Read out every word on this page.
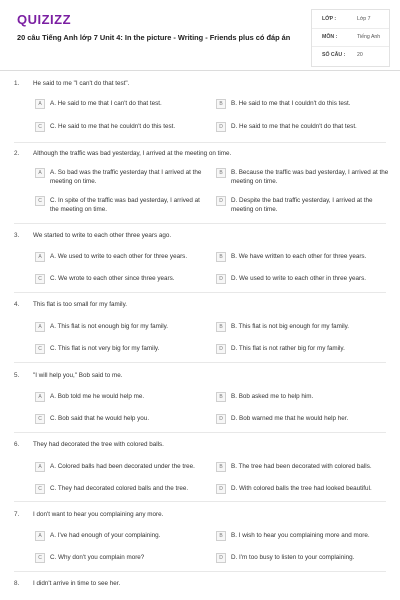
QUIZIZZ
20 câu Tiếng Anh lớp 7 Unit 4: In the picture - Writing - Friends plus có đáp án
LỚP :	Lớp 7
MÔN :	Tiếng Anh
SỐ CÂU : 20
1. He said to me "I can't do that test".
A	A. He said to me that I can't do that test.	B	B. He said to me that I couldn't do this test.
C	C. He said to me that he couldn't do this test.	D	D. He said to me that he couldn't do that test.
2. Although the traffic was bad yesterday, I arrived at the meeting on time.
A	A. So bad was the traffic yesterday that I arrived at the meeting on time.
B	B. Because the traffic was bad yesterday, I arrived at the meeting on time.
C	C. In spite of the traffic was bad yesterday, I arrived at the meeting on time.
D	D. Despite the bad traffic yesterday, I arrived at the meeting on time.
3. We started to write to each other three years ago.
A	A. We used to write to each other for three years.	B	B. We have written to each other for three years.
C	C. We wrote to each other since three years.	D	D. We used to write to each other in three years.
4. This flat is too small for my family.
A	A. This flat is not enough big for my family.	B	B. This flat is not big enough for my family.
C	C. This flat is not very big for my family.	D	D. This flat is not rather big for my family.
5. "I will help you," Bob said to me.
A	A. Bob told me he would help me.	B	B. Bob asked me to help him.
C	C. Bob said that he would help you.	D	D. Bob warned me that he would help her.
6. They had decorated the tree with colored balls.
A	A. Colored balls had been decorated under the tree.	B	B. The tree had been decorated with colored balls.
C	C. They had decorated colored balls and the tree.	D	D. With colored balls the tree had looked beautiful.
7. I don't want to hear you complaining any more.
A	A. I've had enough of your complaining.	B	B. I wish to hear you complaining more and more.
C	C. Why don't you complain more?	D	D. I'm too busy to listen to your complaining.
8. I didn't arrive in time to see her.
